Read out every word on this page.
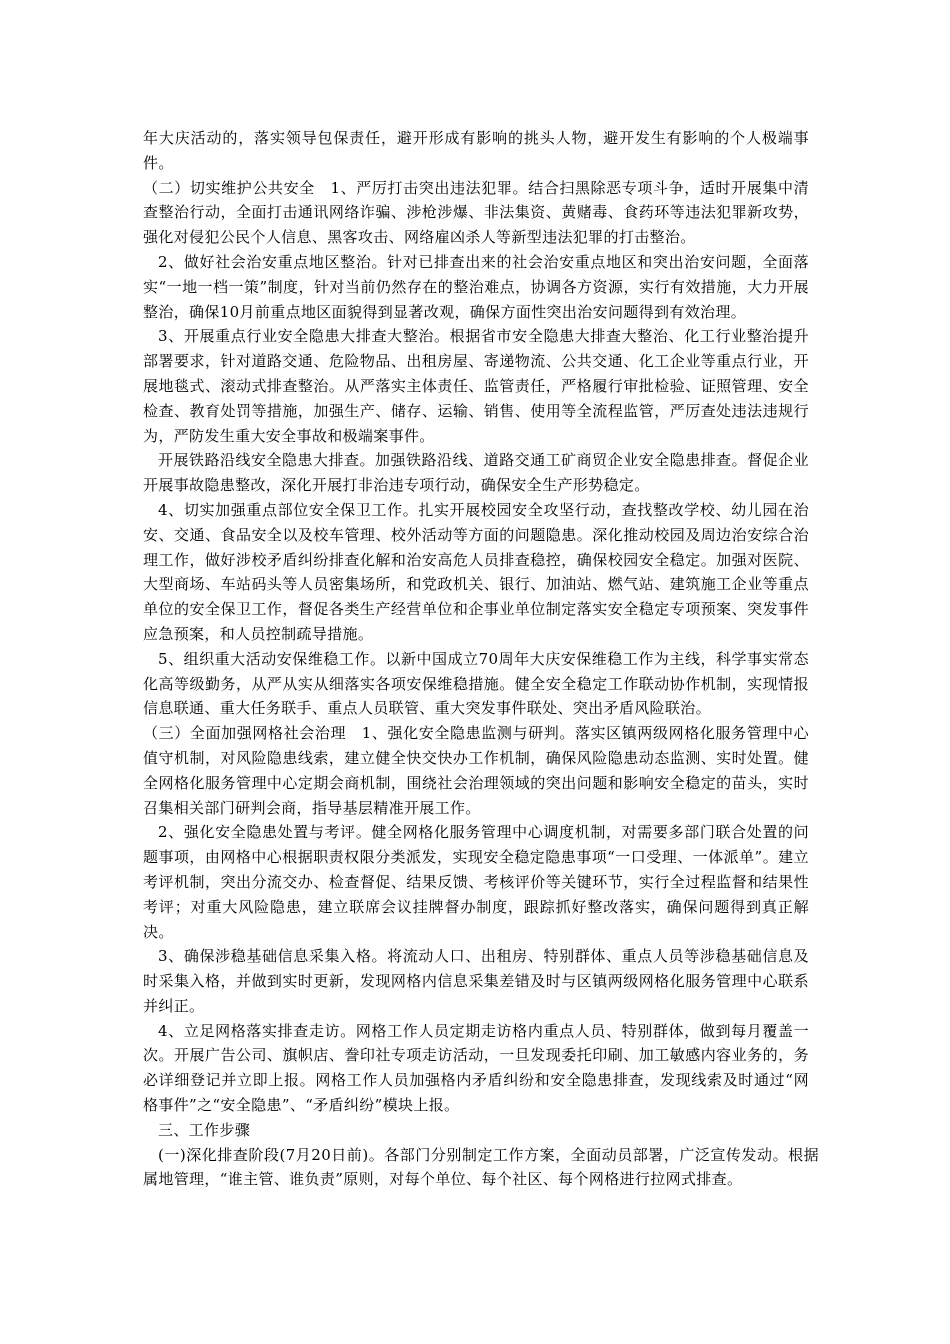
年大庆活动的，落实领导包保责任，避开形成有影响的挑头人物，避开发生有影响的个人极端事件。

（二）切实维护公共安全　1、严厉打击突出违法犯罪。结合扫黑除恶专项斗争，适时开展集中清查整治行动，全面打击通讯网络诈骗、涉枪涉爆、非法集资、黄赌毒、食药环等违法犯罪新攻势，强化对侵犯公民个人信息、黑客攻击、网络雇凶杀人等新型违法犯罪的打击整治。

2、做好社会治安重点地区整治。针对已排查出来的社会治安重点地区和突出治安问题，全面落实“一地一档一策”制度，针对当前仍然存在的整治难点，协调各方资源，实行有效措施，大力开展整治，确保10月前重点地区面貌得到显著改观，确保方面性突出治安问题得到有效治理。

3、开展重点行业安全隐患大排查大整治。根据省市安全隐患大排查大整治、化工行业整治提升部署要求，针对道路交通、危险物品、出租房屋、寄递物流、公共交通、化工企业等重点行业，开展地毯式、滚动式排查整治。从严落实主体责任、监管责任，严格履行审批检验、证照管理、安全检查、教育处罚等措施，加强生产、储存、运输、销售、使用等全流程监管，严厉查处违法违规行为，严防发生重大安全事故和极端案事件。

开展铁路沿线安全隐患大排查。加强铁路沿线、道路交通工矿商贸企业安全隐患排查。督促企业开展事故隐患整改，深化开展打非治违专项行动，确保安全生产形势稳定。

4、切实加强重点部位安全保卫工作。扎实开展校园安全攻坚行动，查找整改学校、幼儿园在治安、交通、食品安全以及校车管理、校外活动等方面的问题隐患。深化推动校园及周边治安综合治理工作，做好涉校矛盾纠纷排查化解和治安高危人员排查稳控，确保校园安全稳定。加强对医院、大型商场、车站码头等人员密集场所，和党政机关、银行、加油站、燃气站、建筑施工企业等重点单位的安全保卫工作，督促各类生产经营单位和企事业单位制定落实安全稳定专项预案、突发事件应急预案，和人员控制疏导措施。

5、组织重大活动安保维稳工作。以新中国成立70周年大庆安保维稳工作为主线，科学事实常态化高等级勤务，从严从实从细落实各项安保维稳措施。健全安全稳定工作联动协作机制，实现情报信息联通、重大任务联手、重点人员联管、重大突发事件联处、突出矛盾风险联治。

（三）全面加强网格社会治理　1、强化安全隐患监测与研判。落实区镇两级网格化服务管理中心值守机制，对风险隐患线索，建立健全快交快办工作机制，确保风险隐患动态监测、实时处置。健全网格化服务管理中心定期会商机制，围绕社会治理领域的突出问题和影响安全稳定的苗头，实时召集相关部门研判会商，指导基层精准开展工作。

2、强化安全隐患处置与考评。健全网格化服务管理中心调度机制，对需要多部门联合处置的问题事项，由网格中心根据职责权限分类派发，实现安全稳定隐患事项“一口受理、一体派单”。建立考评机制，突出分流交办、检查督促、结果反馈、考核评价等关键环节，实行全过程监督和结果性考评；对重大风险隐患，建立联席会议挂牌督办制度，跟踪抓好整改落实，确保问题得到真正解决。

3、确保涉稳基础信息采集入格。将流动人口、出租房、特别群体、重点人员等涉稳基础信息及时采集入格，并做到实时更新，发现网格内信息采集差错及时与区镇两级网格化服务管理中心联系并纠正。

4、立足网格落实排查走访。网格工作人员定期走访格内重点人员、特别群体，做到每月覆盖一次。开展广告公司、旗帜店、誊印社专项走访活动，一旦发现委托印刷、加工敏感内容业务的，务必详细登记并立即上报。网格工作人员加强格内矛盾纠纷和安全隐患排查，发现线索及时通过“网格事件”之“安全隐患”、“矛盾纠纷”模块上报。

三、工作步骤

(一)深化排查阶段(7月20日前)。各部门分别制定工作方案，全面动员部署，广泛宣传发动。根据属地管理，“谁主管、谁负责”原则，对每个单位、每个社区、每个网格进行拉网式排查。
